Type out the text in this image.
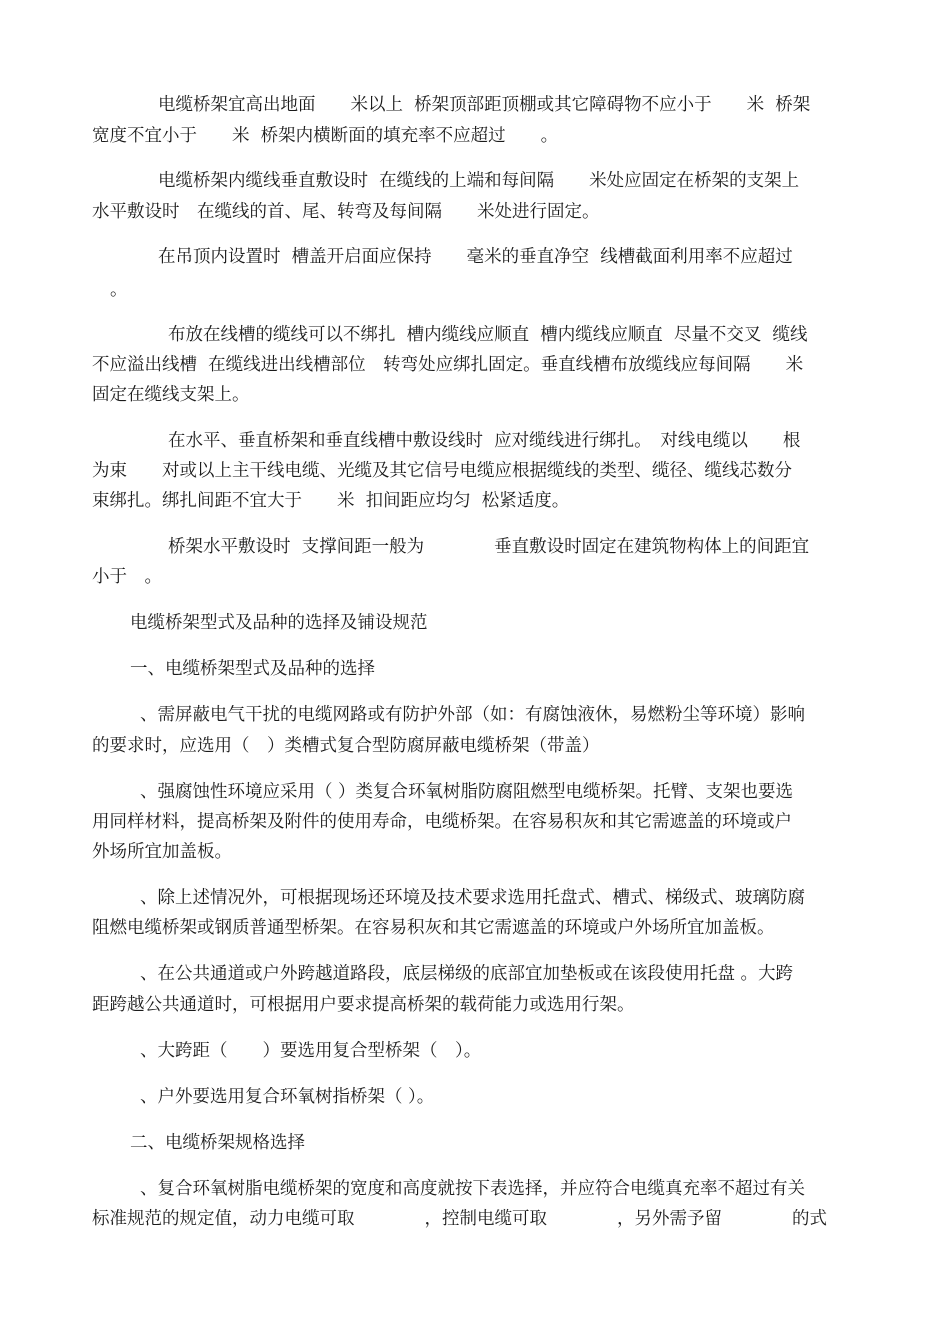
电缆桥架宜高出地面　　米以上  桥架顶部距顶棚或其它障碍物不应小于　　米  桥架

宽度不宜小于　　米  桥架内横断面的填充率不应超过　　。

电缆桥架内缆线垂直敷设时  在缆线的上端和每间隔　　米处应固定在桥架的支架上

水平敷设时　在缆线的首、尾、转弯及每间隔　　米处进行固定。

在吊顶内设置时  槽盖开启面应保持　　毫米的垂直净空  线槽截面利用率不应超过

。

布放在线槽的缆线可以不绑扎  槽内缆线应顺直  槽内缆线应顺直  尽量不交叉  缆线

不应溢出线槽  在缆线进出线槽部位　转弯处应绑扎固定。垂直线槽布放缆线应每间隔　　米

固定在缆线支架上。

在水平、垂直桥架和垂直线槽中敷设线时  应对缆线进行绑扎。　对线电缆以　　根

为束　　对或以上主干线电缆、光缆及其它信号电缆应根据缆线的类型、缆径、缆线芯数分

束绑扎。绑扎间距不宜大于　　米  扣间距应均匀  松紧适度。

桥架水平敷设时  支撑间距一般为　　　　垂直敷设时固定在建筑物构体上的间距宜

小于　。

电缆桥架型式及品种的选择及铺设规范

一、电缆桥架型式及品种的选择

、需屏蔽电气干扰的电缆网路或有防护外部（如：有腐蚀液休，易燃粉尘等环境）影响

的要求时，应选用（　）类槽式复合型防腐屏蔽电缆桥架（带盖）

、强腐蚀性环境应采用（ ）类复合环氧树脂防腐阻燃型电缆桥架。托臂、支架也要选

用同样材料，提高桥架及附件的使用寿命，电缆桥架。在容易积灰和其它需遮盖的环境或户

外场所宜加盖板。

、除上述情况外，可根据现场还环境及技术要求选用托盘式、槽式、梯级式、玻璃防腐

阻燃电缆桥架或钢质普通型桥架。在容易积灰和其它需遮盖的环境或户外场所宜加盖板。

、在公共通道或户外跨越道路段，底层梯级的底部宜加垫板或在该段使用托盘 。大跨

距跨越公共通道时，可根据用户要求提高桥架的载荷能力或选用行架。

、大跨距（　　）要选用复合型桥架（　）。

、户外要选用复合环氧树指桥架（ ）。

二、电缆桥架规格选择

、复合环氧树脂电缆桥架的宽度和高度就按下表选择，并应符合电缆真充率不超过有关

标准规范的规定值，动力电缆可取　　　　，控制电缆可取　　　　，另外需予留　　　　的式
